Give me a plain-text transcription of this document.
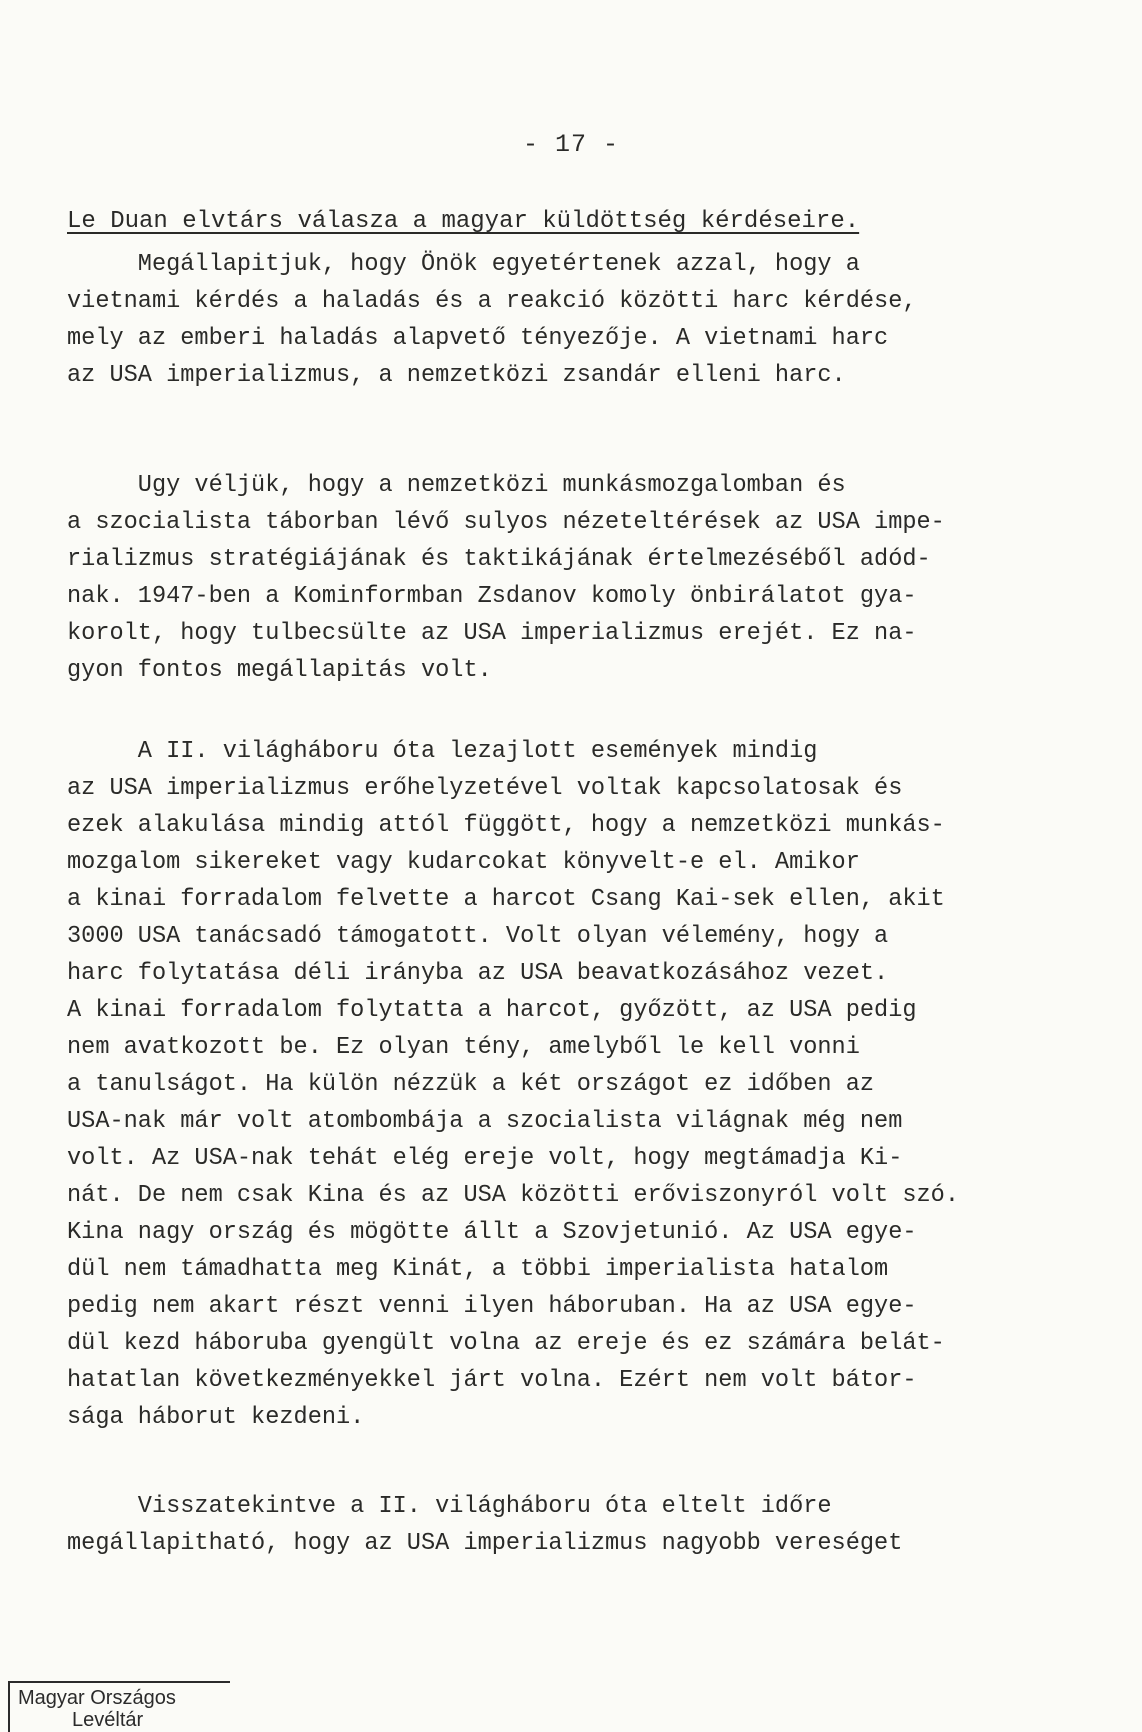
- 17 -
Le Duan elvtárs válasza a magyar küldöttség kérdéseire.
Megállapitjuk, hogy Önök egyetértenek azzal, hogy a
vietnami kérdés a haladás és a reakció közötti harc kérdése,
mely az emberi haladás alapvető tényezője. A vietnami harc
az USA imperializmus, a nemzetközi zsandár elleni harc.
Ugy véljük, hogy a nemzetközi munkásmozgalomban és
a szocialista táborban lévő sulyos nézeteltérések az USA impe-
rializmus stratégiájának és taktikájának értelmezéséből adód-
nak. 1947-ben a Kominformban Zsdanov komoly önbirálatot gya-
korolt, hogy tulbecsülte az USA imperializmus erejét. Ez na-
gyon fontos megállapitás volt.
A II. világháboru óta lezajlott események mindig
az USA imperializmus erőhelyzetével voltak kapcsolatosak és
ezek alakulása mindig attól függött, hogy a nemzetközi munkás-
mozgalom sikereket vagy kudarcokat könyvelt-e el. Amikor
a kinai forradalom felvette a harcot Csang Kai-sek ellen, akit
3000 USA tanácsadó támogatott. Volt olyan vélemény, hogy a
harc folytatása déli irányba az USA beavatkozásához vezet.
A kinai forradalom folytatta a harcot, győzött, az USA pedig
nem avatkozott be. Ez olyan tény, amelyből le kell vonni
a tanulságot. Ha külön nézzük a két országot ez időben az
USA-nak már volt atombombája a szocialista világnak még nem
volt. Az USA-nak tehát elég ereje volt, hogy megtámadja Ki-
nát. De nem csak Kina és az USA közötti erőviszonyról volt szó.
Kina nagy ország és mögötte állt a Szovjetunió. Az USA egye-
dül nem támadhatta meg Kinát, a többi imperialista hatalom
pedig nem akart részt venni ilyen háboruban. Ha az USA egye-
dül kezd háboruba gyengült volna az ereje és ez számára belát-
hatatlan következményekkel járt volna. Ezért nem volt bátor-
sága háborut kezdeni.
Visszatekintve a II. világháboru óta eltelt időre
megállapitható, hogy az USA imperializmus nagyobb vereséget
Magyar Országos
Levéltár
